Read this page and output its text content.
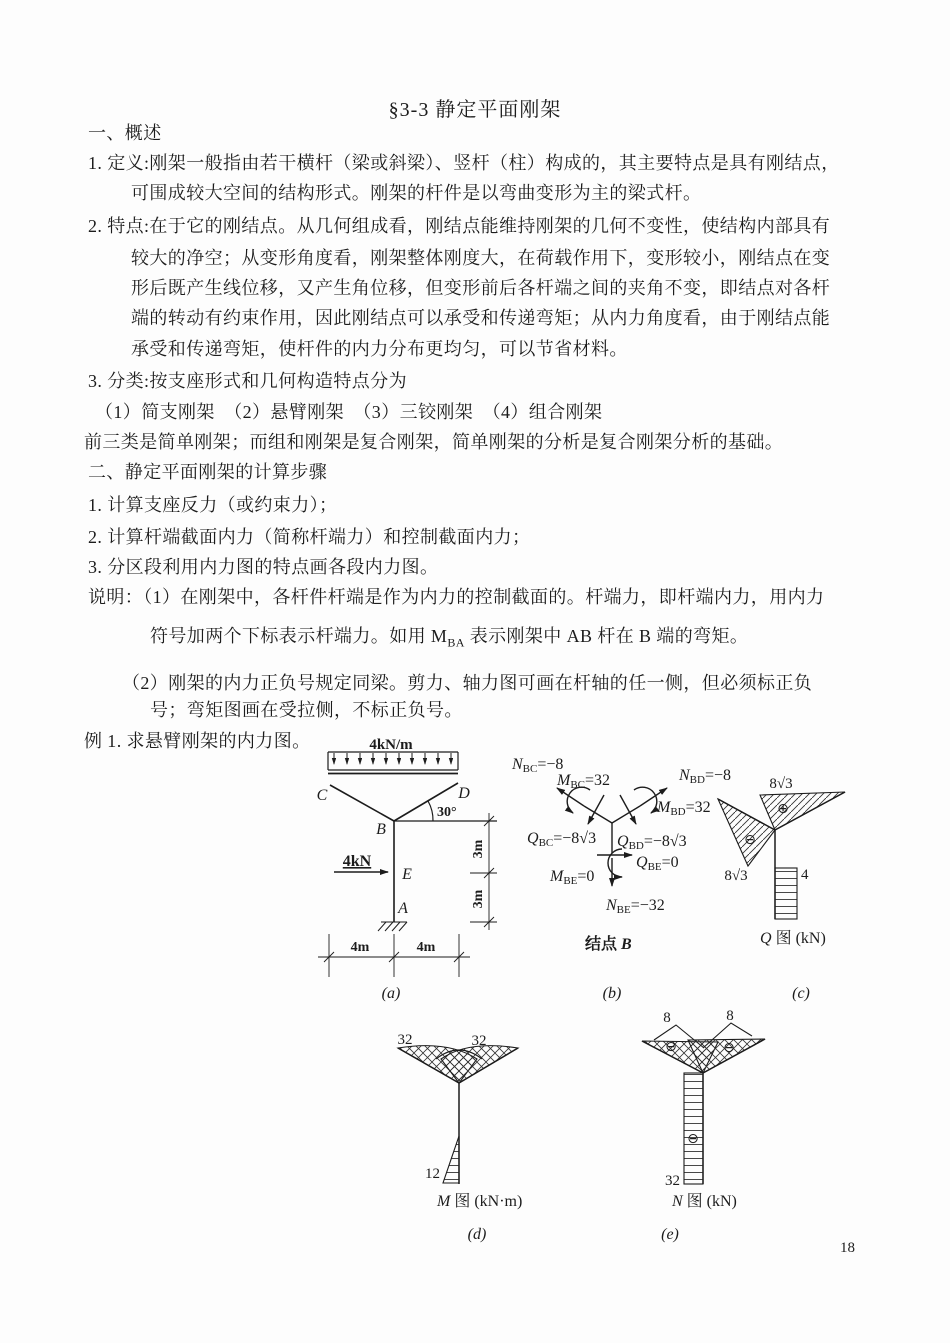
§3-3 静定平面刚架
一、概述
1. 定义:刚架一般指由若干横杆（梁或斜梁）、竖杆（柱）构成的，其主要特点是具有刚结点，
可围成较大空间的结构形式。刚架的杆件是以弯曲变形为主的梁式杆。
2. 特点:在于它的刚结点。从几何组成看，刚结点能维持刚架的几何不变性，使结构内部具有
较大的净空；从变形角度看，刚架整体刚度大，在荷载作用下，变形较小，刚结点在变
形后既产生线位移，又产生角位移，但变形前后各杆端之间的夹角不变，即结点对各杆
端的转动有约束作用，因此刚结点可以承受和传递弯矩；从内力角度看，由于刚结点能
承受和传递弯矩，使杆件的内力分布更均匀，可以节省材料。
3. 分类:按支座形式和几何构造特点分为
（1）简支刚架　（2）悬臂刚架　（3）三铰刚架　（4）组合刚架
前三类是简单刚架；而组和刚架是复合刚架，简单刚架的分析是复合刚架分析的基础。
二、静定平面刚架的计算步骤
1. 计算支座反力（或约束力）；
2. 计算杆端截面内力（简称杆端力）和控制截面内力；
3. 分区段利用内力图的特点画各段内力图。
说明：（1）在刚架中，各杆件杆端是作为内力的控制截面的。杆端力，即杆端内力，用内力
符号加两个下标表示杆端力。如用 $M_{BA}$ 表示刚架中 AB 杆在 B 端的弯矩。
（2）刚架的内力正负号规定同梁。剪力、轴力图可画在杆轴的任一侧，但必须标正负
号；弯矩图画在受拉侧，不标正负号。
例 1. 求悬臂刚架的内力图。	4kN/m
C	D
B
E
A
30°
4kN
3m
3m
4m	4m
(a)
NBC=−8
MBC=32	NBD=−8
MBD=32
QBC=−8√3 QBD=−8√3
QBE=0
MBE=0
NBE=−32
结点 B
(b)
⊖
⊕
8√3
8√3	4
Q 图 (kN)
(c)
32	32
12
M 图 (kN·m)
(d)
8	8
⊖	⊖
⊖
32
N 图 (kN)
(e)
18
